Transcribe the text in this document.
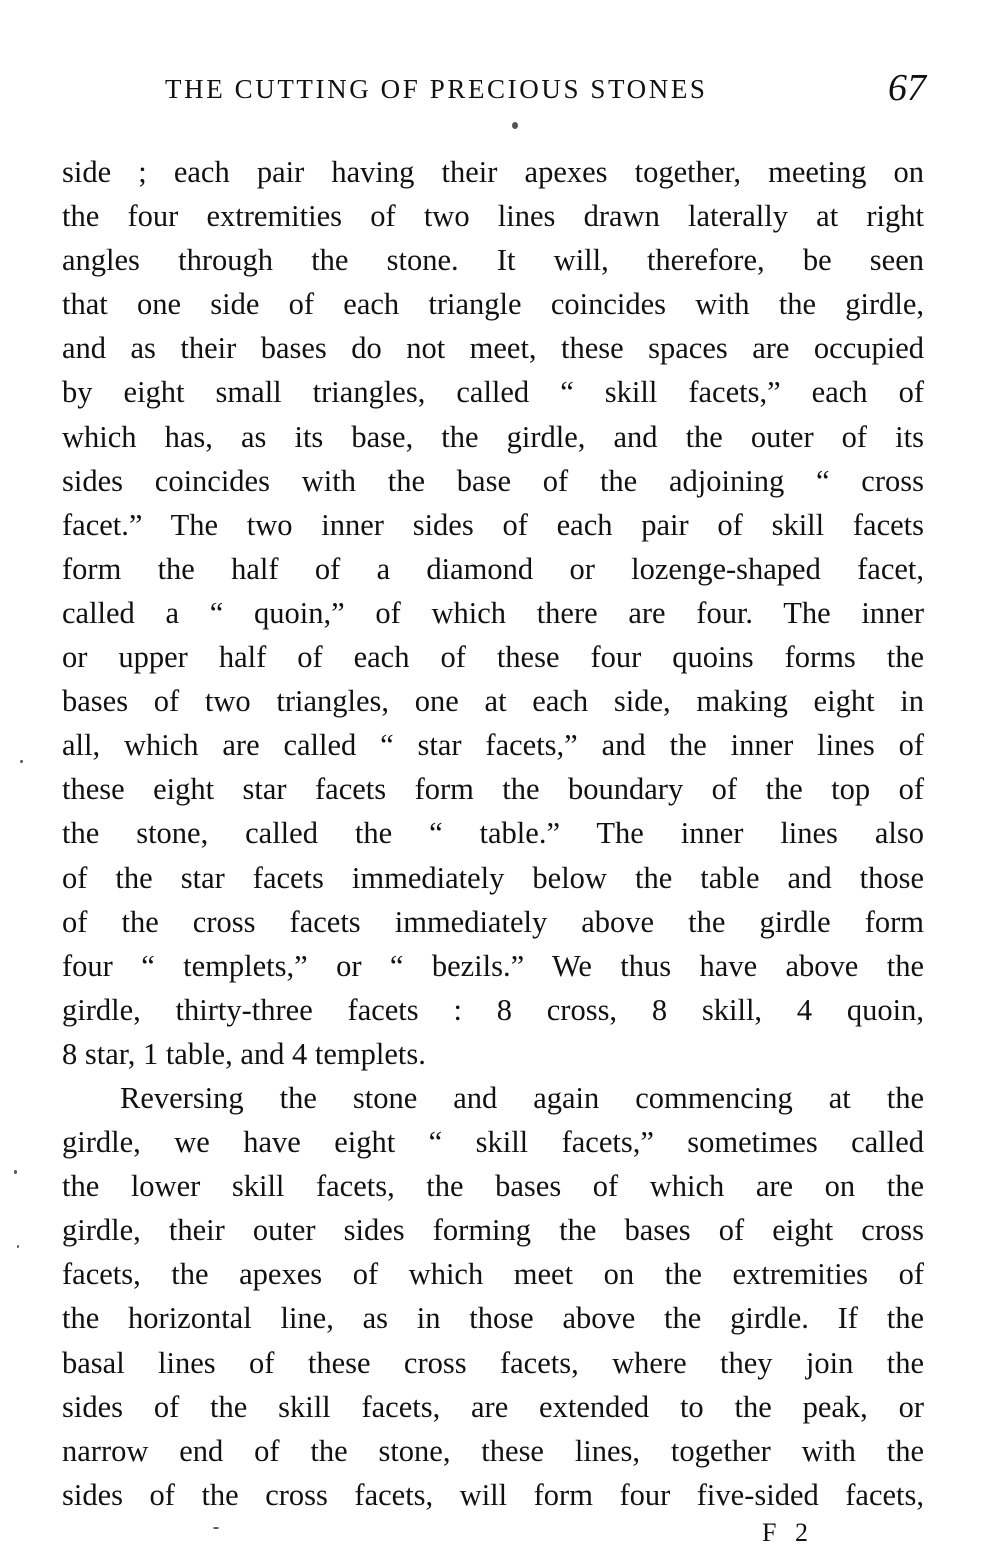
THE CUTTING OF PRECIOUS STONES	67
side ; each pair having their apexes together, meeting on
the four extremities of two lines drawn laterally at right
angles through the stone. It will, therefore, be seen
that one side of each triangle coincides with the girdle,
and as their bases do not meet, these spaces are occupied
by eight small triangles, called “ skill facets,” each of
which has, as its base, the girdle, and the outer of its
sides coincides with the base of the adjoining “ cross
facet.” The two inner sides of each pair of skill facets
form the half of a diamond or lozenge-shaped facet,
called a “ quoin,” of which there are four. The inner
or upper half of each of these four quoins forms the
bases of two triangles, one at each side, making eight in
all, which are called “ star facets,” and the inner lines of
these eight star facets form the boundary of the top of
the stone, called the “ table.” The inner lines also
of the star facets immediately below the table and those
of the cross facets immediately above the girdle form
four “ templets,” or “ bezils.” We thus have above the
girdle, thirty-three facets : 8 cross, 8 skill, 4 quoin,
8 star, 1 table, and 4 templets.
Reversing the stone and again commencing at the
girdle, we have eight “ skill facets,” sometimes called
the lower skill facets, the bases of which are on the
girdle, their outer sides forming the bases of eight cross
facets, the apexes of which meet on the extremities of
the horizontal line, as in those above the girdle. If the
basal lines of these cross facets, where they join the
sides of the skill facets, are extended to the peak, or
narrow end of the stone, these lines, together with the
sides of the cross facets, will form four five-sided facets,
F 2
